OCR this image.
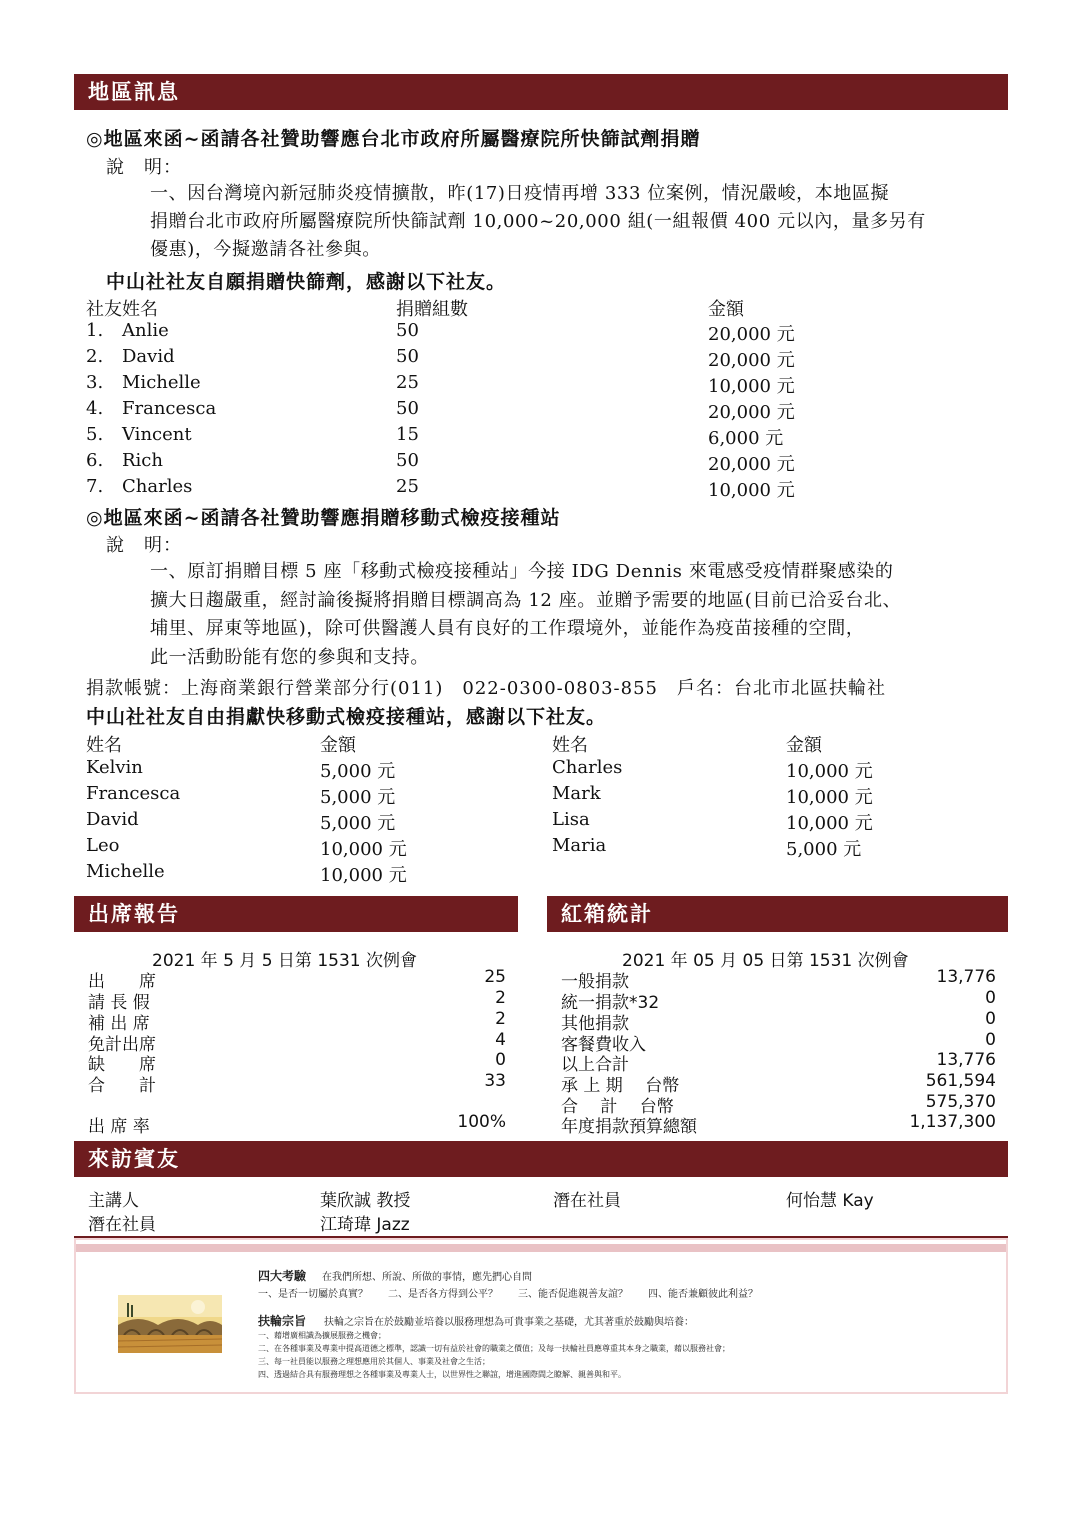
地區訊息
◎地區來函~函請各社贊助響應台北市政府所屬醫療院所快篩試劑捐贈
說　明：
一、因台灣境內新冠肺炎疫情擴散，昨(17)日疫情再增 333 位案例，情況嚴峻，本地區擬
捐贈台北市政府所屬醫療院所快篩試劑 10,000~20,000 組(一組報價 400 元以內，量多另有
優惠)，今擬邀請各社參與。
中山社社友自願捐贈快篩劑，感謝以下社友。
社友姓名	捐贈組數	金額
1. Anlie	50	20,000 元
2. David	50	20,000 元
3. Michelle	25	10,000 元
4. Francesca	50	20,000 元
5. Vincent	15	6,000 元
6. Rich	50	20,000 元
7. Charles	25	10,000 元
◎地區來函~函請各社贊助響應捐贈移動式檢疫接種站
說　明：
一、原訂捐贈目標 5 座「移動式檢疫接種站」今接 IDG Dennis 來電感受疫情群聚感染的
擴大日趨嚴重，經討論後擬將捐贈目標調高為 12 座。並贈予需要的地區(目前已洽妥台北、
埔里、屏東等地區)，除可供醫護人員有良好的工作環境外，並能作為疫苗接種的空間，
此一活動盼能有您的參與和支持。
捐款帳號：上海商業銀行營業部分行(011)　022-0300-0803-855　戶名：台北市北區扶輪社
中山社社友自由捐獻快移動式檢疫接種站，感謝以下社友。
姓名	金額	姓名	金額
Kelvin	5,000 元	Charles	10,000 元
Francesca	5,000 元	Mark	10,000 元
David	5,000 元	Lisa	10,000 元
Leo	10,000 元	Maria	5,000 元
Michelle	10,000 元
出席報告
2021 年 5 月 5 日第 1531 次例會
出　　席	25
請 長 假	2
補 出 席	2
免計出席	4
缺　　席	0
合　　計	33
出 席 率	100%
紅箱統計
2021 年 05 月 05 日第 1531 次例會
一般捐款	13,776
統一捐款*32	0
其他捐款	0
客餐費收入	0
以上合計	13,776
承 上 期　 台幣	561,594
合　 計　 台幣	575,370
年度捐款預算總額	1,137,300
來訪賓友
主講人	葉欣誠 教授	潛在社員	何怡慧 Kay
潛在社員	江琦瑋 Jazz
四大考驗 在我們所想、所說、所做的事情，應先捫心自問
一、是否一切屬於真實？　　二、是否各方得到公平？　　三、能否促進親善友誼？　　四、能否兼顧彼此利益？
扶輪宗旨 扶輪之宗旨在於鼓勵並培養以服務理想為可貴事業之基礎，尤其著重於鼓勵與培養：
一、藉增廣相識為擴展服務之機會；
二、在各種事業及專業中提高道德之標準，認識一切有益於社會的職業之價值；及每一扶輪社員應尊重其本身之職業，藉以服務社會；
三、每一社員能以服務之理想應用於其個人、事業及社會之生活；
四、透過結合具有服務理想之各種事業及專業人士，以世界性之聯誼，增進國際間之瞭解、親善與和平。
